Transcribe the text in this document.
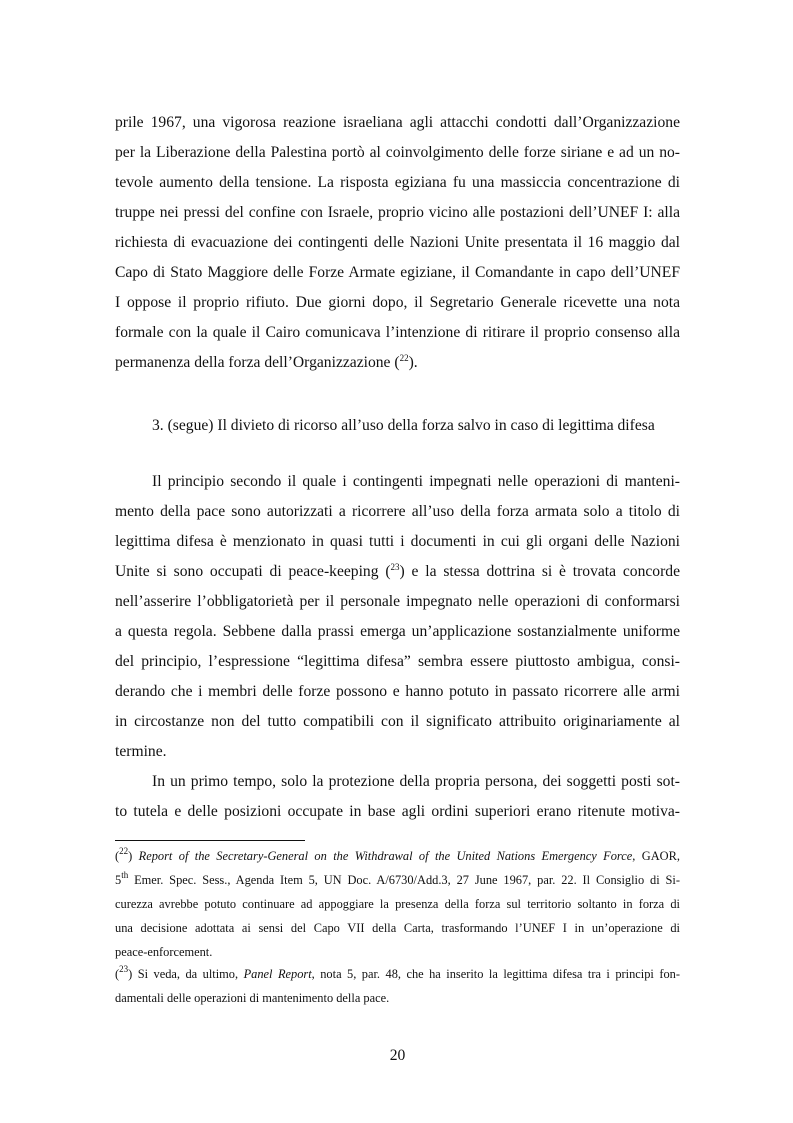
prile 1967, una vigorosa reazione israeliana agli attacchi condotti dall’Organizzazione
per la Liberazione della Palestina portò al coinvolgimento delle forze siriane e ad un no-
tevole aumento della tensione. La risposta egiziana fu una massiccia concentrazione di
truppe nei pressi del confine con Israele, proprio vicino alle postazioni dell’UNEF I: alla
richiesta di evacuazione dei contingenti delle Nazioni Unite presentata il 16 maggio dal
Capo di Stato Maggiore delle Forze Armate egiziane, il Comandante in capo dell’UNEF
I oppose il proprio rifiuto. Due giorni dopo, il Segretario Generale ricevette una nota
formale con la quale il Cairo comunicava l’intenzione di ritirare il proprio consenso alla
permanenza della forza dell’Organizzazione ($^{22}$).
3. (segue) Il divieto di ricorso all’uso della forza salvo in caso di legittima difesa
Il principio secondo il quale i contingenti impegnati nelle operazioni di manteni-
mento della pace sono autorizzati a ricorrere all’uso della forza armata solo a titolo di
legittima difesa è menzionato in quasi tutti i documenti in cui gli organi delle Nazioni
Unite si sono occupati di peace-keeping ($^{23}$) e la stessa dottrina si è trovata concorde
nell’asserire l’obbligatorietà per il personale impegnato nelle operazioni di conformarsi
a questa regola. Sebbene dalla prassi emerga un’applicazione sostanzialmente uniforme
del principio, l’espressione “legittima difesa” sembra essere piuttosto ambigua, consi-
derando che i membri delle forze possono e hanno potuto in passato ricorrere alle armi
in circostanze non del tutto compatibili con il significato attribuito originariamente al
termine.
In un primo tempo, solo la protezione della propria persona, dei soggetti posti sot-
to tutela e delle posizioni occupate in base agli ordini superiori erano ritenute motiva-
($^{22}$) Report of the Secretary-General on the Withdrawal of the United Nations Emergency Force, GAOR,
5th Emer. Spec. Sess., Agenda Item 5, UN Doc. A/6730/Add.3, 27 June 1967, par. 22. Il Consiglio di Si-
curezza avrebbe potuto continuare ad appoggiare la presenza della forza sul territorio soltanto in forza di
una decisione adottata ai sensi del Capo VII della Carta, trasformando l’UNEF I in un’operazione di
peace-enforcement.
($^{23}$) Si veda, da ultimo, Panel Report, nota 5, par. 48, che ha inserito la legittima difesa tra i principi fon-
damentali delle operazioni di mantenimento della pace.
20
